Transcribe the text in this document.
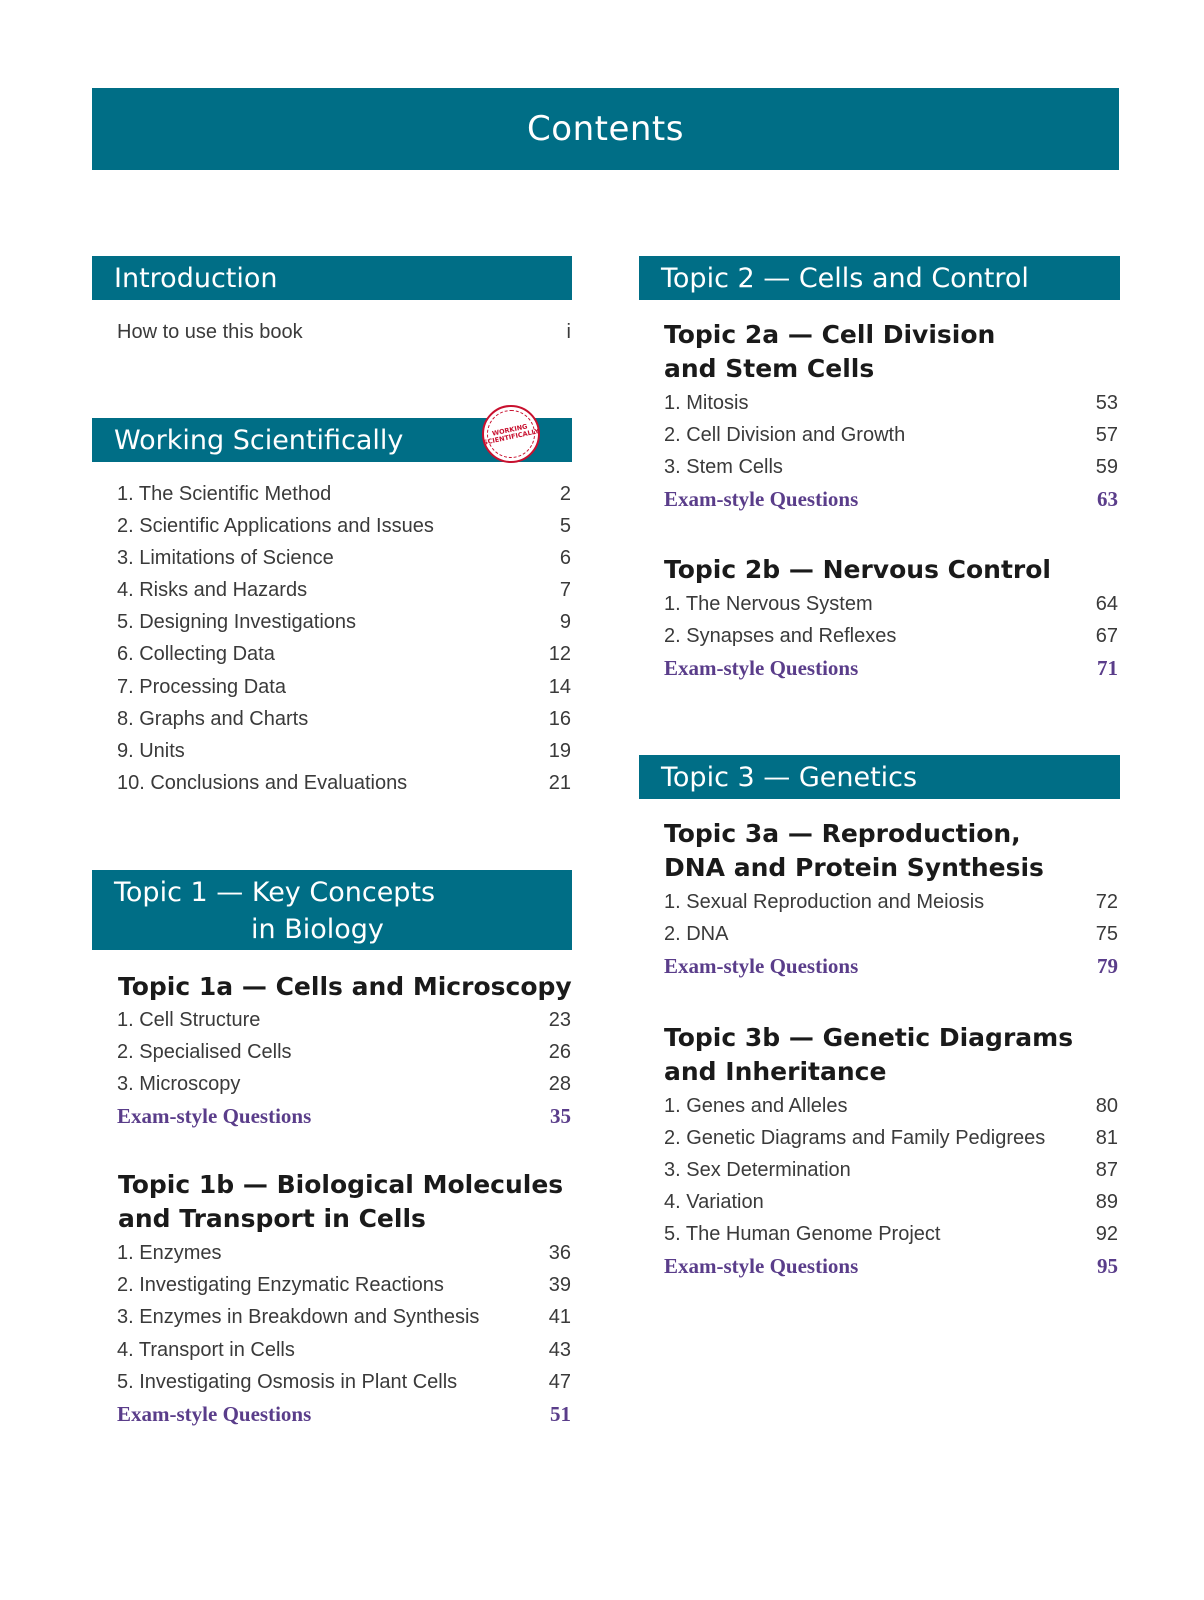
Contents
Introduction
How to use this book	i
Working Scientifically	WORKING SCIENTIFICALLY
1. The Scientific Method	2
2. Scientific Applications and Issues	5
3. Limitations of Science	6
4. Risks and Hazards	7
5. Designing Investigations	9
6. Collecting Data	12
7. Processing Data	14
8. Graphs and Charts	16
9. Units	19
10. Conclusions and Evaluations	21
Topic 1 — Key Concepts
in Biology
Topic 1a — Cells and Microscopy
1. Cell Structure	23
2. Specialised Cells	26
3. Microscopy	28
Exam-style Questions	35
Topic 1b — Biological Molecules
and Transport in Cells
1. Enzymes	36
2. Investigating Enzymatic Reactions	39
3. Enzymes in Breakdown and Synthesis	41
4. Transport in Cells	43
5. Investigating Osmosis in Plant Cells	47
Exam-style Questions	51
Topic 2 — Cells and Control
Topic 2a — Cell Division
and Stem Cells
1. Mitosis	53
2. Cell Division and Growth	57
3. Stem Cells	59
Exam-style Questions	63
Topic 2b — Nervous Control
1. The Nervous System	64
2. Synapses and Reflexes	67
Exam-style Questions	71
Topic 3 — Genetics
Topic 3a — Reproduction,
DNA and Protein Synthesis
1. Sexual Reproduction and Meiosis	72
2. DNA	75
Exam-style Questions	79
Topic 3b — Genetic Diagrams
and Inheritance
1. Genes and Alleles	80
2. Genetic Diagrams and Family Pedigrees	81
3. Sex Determination	87
4. Variation	89
5. The Human Genome Project	92
Exam-style Questions	95
